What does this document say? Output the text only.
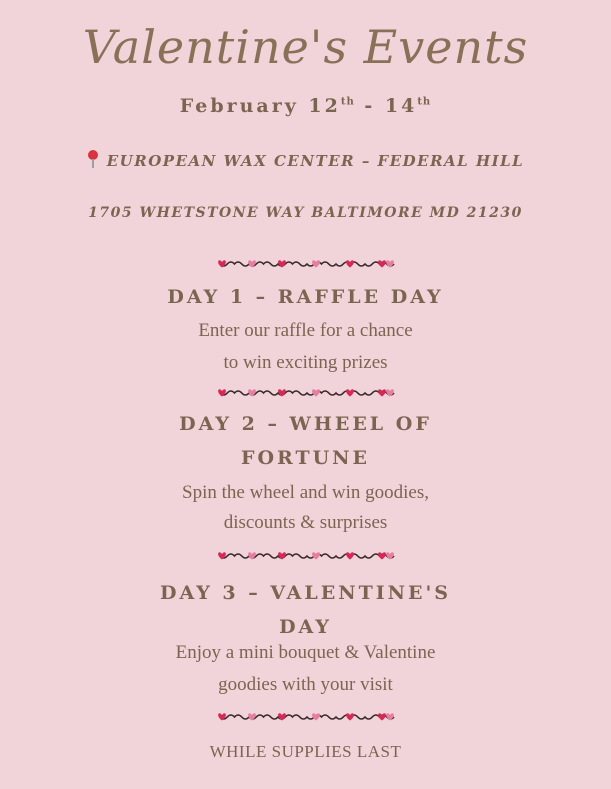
Valentine's Events
February 12th - 14th
EUROPEAN WAX CENTER – FEDERAL HILL
1705 WHETSTONE WAY BALTIMORE MD 21230
DAY 1 – RAFFLE DAY
Enter our raffle for a chance
to win exciting prizes
DAY 2 – WHEEL OF
FORTUNE
Spin the wheel and win goodies,
discounts & surprises
DAY 3 – VALENTINE'S
DAY
Enjoy a mini bouquet & Valentine
goodies with your visit
WHILE SUPPLIES LAST
